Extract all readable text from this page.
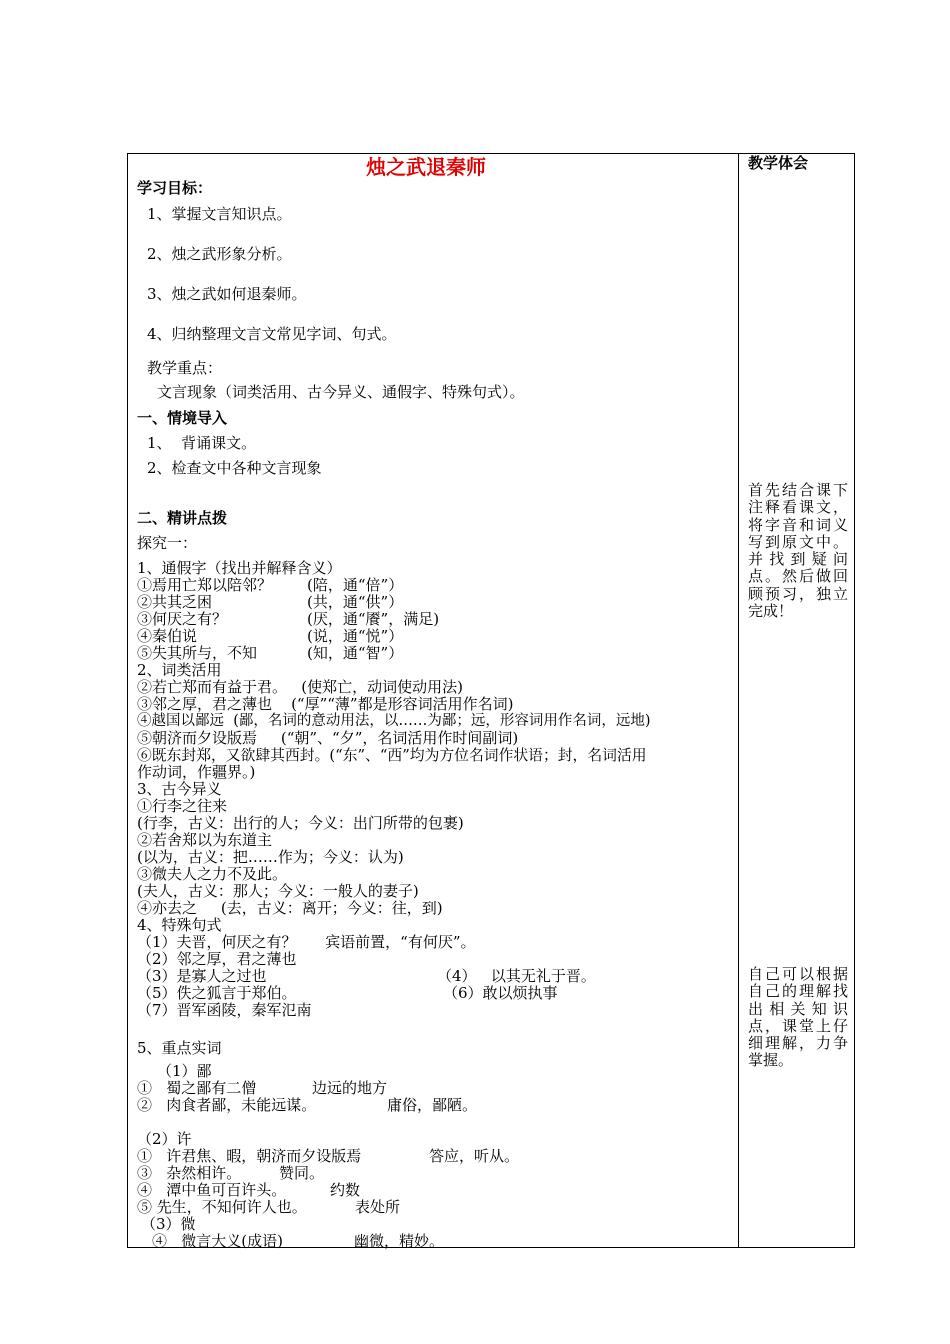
烛之武退秦师	教学体会
学习目标：
1、掌握文言知识点。
2、烛之武形象分析。
3、烛之武如何退秦师。
4、归纳整理文言文常见字词、句式。
教学重点：
文言现象（词类活用、古今异义、通假字、特殊句式）。
一、情境导入
1、  背诵课文。
2、检查文中各种文言现象
二、精讲点拨
探究一：
1、通假字（找出并解释含义）
①焉用亡郑以陪邻？ (陪，通“倍”）
②共其乏困	(共，通“供”）
③何厌之有？	(厌，通“餍”，满足)
④秦伯说	(说，通“悦”）
⑤失其所与，不知	(知，通“智”）
2、词类活用
②若亡郑而有益于君。   (使郑亡，动词使动用法)
③邻之厚，君之薄也    (“厚”“薄”都是形容词活用作名词)
④越国以鄙远  (鄙，名词的意动用法，以……为鄙；远，形容词用作名词，远地)
⑤朝济而夕设版焉     (“朝”、“夕”，名词活用作时间副词)
⑥既东封郑，又欲肆其西封。(“东”、“西”均为方位名词作状语；封，名词活用
作动词，作疆界。)
3、古今异义
①行李之往来
(行李，古义：出行的人；今义：出门所带的包裹)
②若舍郑以为东道主
(以为，古义：把……作为；今义：认为)
③微夫人之力不及此。
(夫人，古义：那人；今义：一般人的妻子)
④亦去之     (去，古义：离开；今义：往，到)
4、特殊句式
（1）夫晋，何厌之有？      宾语前置，“有何厌”。
（2）邻之厚，君之薄也
（3）是寡人之过也	（4）   以其无礼于晋。
（5）佚之狐言于郑伯。	（6）敢以烦执事
（7）晋军函陵，秦军氾南
5、重点实词
（1）鄙
①   蜀之鄙有二僧	边远的地方
②   肉食者鄙，未能远谋。	庸俗，鄙陋。
（2）许
①   许君焦、暇，朝济而夕设版焉	答应，听从。
③   杂然相许。	赞同。
④   潭中鱼可百许头。	约数
⑤ 先生，不知何许人也。	表处所
（3）微
④   微言大义(成语)	幽微，精妙。
首先结合课下注释看课文，将字音和词义写到原文中。并找到疑问点。然后做回顾预习，独立完成！
自己可以根据自己的理解找出相关知识点，课堂上仔细理解，力争掌握。
